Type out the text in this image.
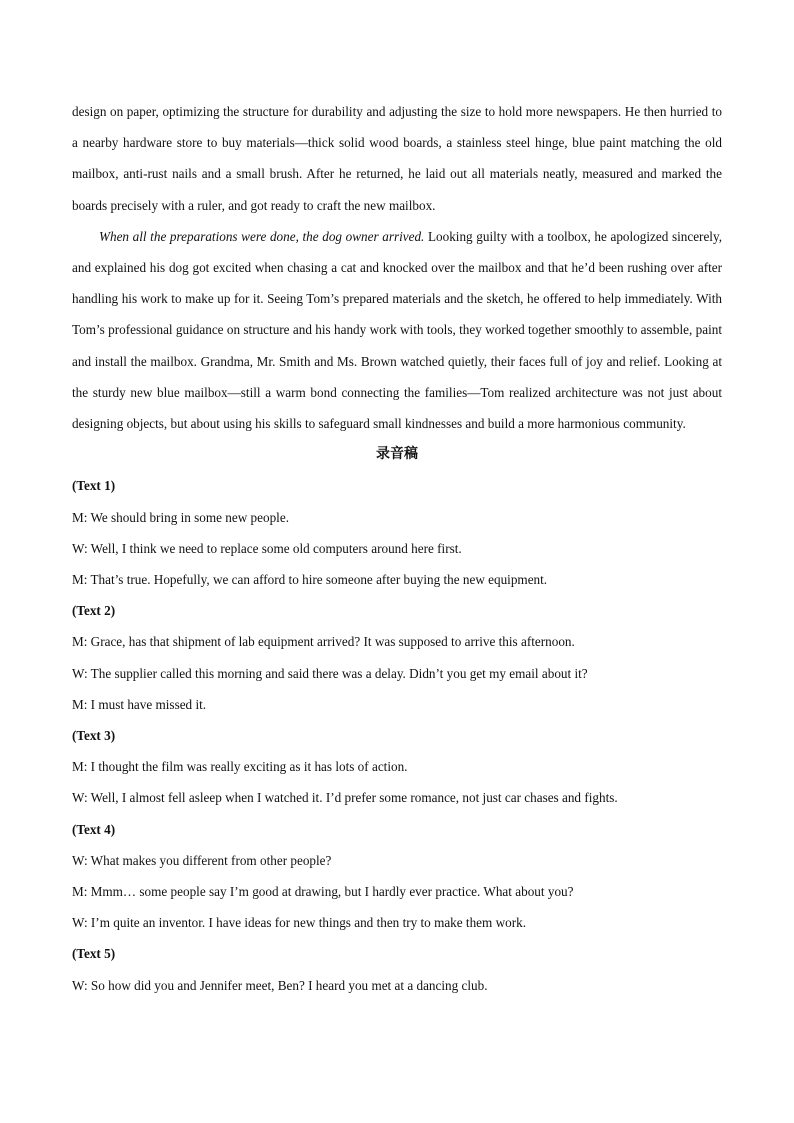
design on paper, optimizing the structure for durability and adjusting the size to hold more newspapers. He then hurried to a nearby hardware store to buy materials—thick solid wood boards, a stainless steel hinge, blue paint matching the old mailbox, anti-rust nails and a small brush. After he returned, he laid out all materials neatly, measured and marked the boards precisely with a ruler, and got ready to craft the new mailbox.

When all the preparations were done, the dog owner arrived. Looking guilty with a toolbox, he apologized sincerely, and explained his dog got excited when chasing a cat and knocked over the mailbox and that he’d been rushing over after handling his work to make up for it. Seeing Tom’s prepared materials and the sketch, he offered to help immediately. With Tom’s professional guidance on structure and his handy work with tools, they worked together smoothly to assemble, paint and install the mailbox. Grandma, Mr. Smith and Ms. Brown watched quietly, their faces full of joy and relief. Looking at the sturdy new blue mailbox—still a warm bond connecting the families—Tom realized architecture was not just about designing objects, but about using his skills to safeguard small kindnesses and build a more harmonious community.

录音稿

(Text 1)

M: We should bring in some new people.

W: Well, I think we need to replace some old computers around here first.

M: That’s true. Hopefully, we can afford to hire someone after buying the new equipment.

(Text 2)

M: Grace, has that shipment of lab equipment arrived? It was supposed to arrive this afternoon.

W: The supplier called this morning and said there was a delay. Didn’t you get my email about it?

M: I must have missed it.

(Text 3)

M: I thought the film was really exciting as it has lots of action.

W: Well, I almost fell asleep when I watched it. I’d prefer some romance, not just car chases and fights.

(Text 4)

W: What makes you different from other people?

M: Mmm… some people say I’m good at drawing, but I hardly ever practice. What about you?

W: I’m quite an inventor. I have ideas for new things and then try to make them work.

(Text 5)

W: So how did you and Jennifer meet, Ben? I heard you met at a dancing club.
